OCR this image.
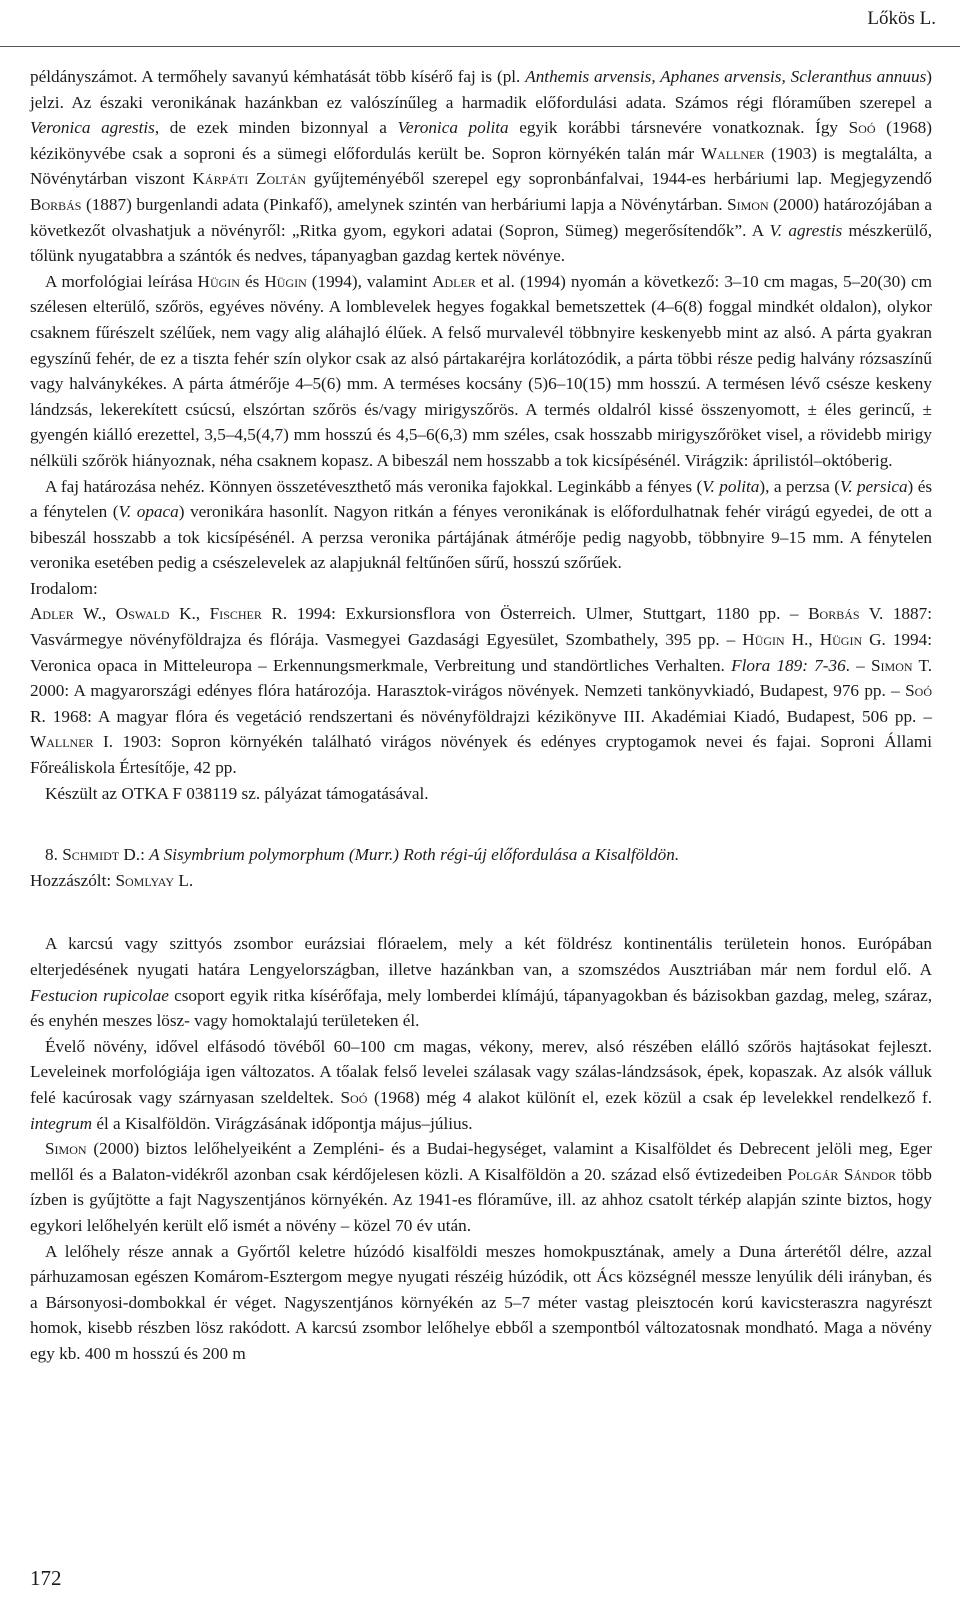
Lőkös L.

példányszámot. A termőhely savanyú kémhatását több kísérő faj is (pl. Anthemis arvensis, Aphanes arvensis, Scleranthus annuus) jelzi. Az északi veronikának hazánkban ez valószínűleg a harmadik előfordulási adata. Számos régi flóraműben szerepel a Veronica agrestis, de ezek minden bizonnyal a Veronica polita egyik korábbi társnevére vonatkoznak. Így Soó (1968) kézikönyvébe csak a soproni és a sümegi előfordulás került be. Sopron környékén talán már Wallner (1903) is megtalálta, a Növénytárban viszont Kárpáti Zoltán gyűjteményéből szerepel egy sopronbánfalvai, 1944-es herbáriumi lap. Megjegyzendő Borbás (1887) burgenlandi adata (Pinkafő), amelynek szintén van herbáriumi lapja a Növénytárban. Simon (2000) határozójában a következőt olvashatjuk a növényről: „Ritka gyom, egykori adatai (Sopron, Sümeg) megerősítendők”. A V. agrestis mészkerülő, tőlünk nyugatabbra a szántók és nedves, tápanyagban gazdag kertek növénye.

A morfológiai leírása Hügin és Hügin (1994), valamint Adler et al. (1994) nyomán a következő: 3–10 cm magas, 5–20(30) cm szélesen elterülő, szőrös, egyéves növény. A lomblevelek hegyes fogakkal bemetszettek (4–6(8) foggal mindkét oldalon), olykor csaknem fűrészelt szélűek, nem vagy alig aláhajló élűek. A felső murvalevél többnyire keskenyebb mint az alsó. A párta gyakran egyszínű fehér, de ez a tiszta fehér szín olykor csak az alsó pártakaréjra korlátozódik, a párta többi része pedig halvány rózsaszínű vagy halványkékes. A párta átmérője 4–5(6) mm. A terméses kocsány (5)6–10(15) mm hosszú. A termésen lévő csésze keskeny lándzsás, lekerekített csúcsú, elszórtan szőrös és/vagy mirigyszőrös. A termés oldalról kissé összenyomott, ± éles gerincű, ± gyengén kiálló erezettel, 3,5–4,5(4,7) mm hosszú és 4,5–6(6,3) mm széles, csak hosszabb mirigyszőröket visel, a rövidebb mirigy nélküli szőrök hiányoznak, néha csaknem kopasz. A bibeszál nem hosszabb a tok kicsípésénél. Virágzik: áprilistól–októberig.

A faj határozása nehéz. Könnyen összetéveszthető más veronika fajokkal. Leginkább a fényes (V. polita), a perzsa (V. persica) és a fénytelen (V. opaca) veronikára hasonlít. Nagyon ritkán a fényes veronikának is előfordulhatnak fehér virágú egyedei, de ott a bibeszál hosszabb a tok kicsípésénél. A perzsa veronika pártájának átmérője pedig nagyobb, többnyire 9–15 mm. A fénytelen veronika esetében pedig a csészelevelek az alapjuknál feltűnően sűrű, hosszú szőrűek.

Irodalom:

Adler W., Oswald K., Fischer R. 1994: Exkursionsflora von Österreich. Ulmer, Stuttgart, 1180 pp. – Borbás V. 1887: Vasvármegye növényföldrajza és flórája. Vasmegyei Gazdasági Egyesület, Szombathely, 395 pp. – Hügin H., Hügin G. 1994: Veronica opaca in Mitteleuropa – Erkennungsmerkmale, Verbreitung und standörtliches Verhalten. Flora 189: 7-36. – Simon T. 2000: A magyarországi edényes flóra határozója. Harasztok-virágos növények. Nemzeti tankönyvkiadó, Budapest, 976 pp. – Soó R. 1968: A magyar flóra és vegetáció rendszertani és növényföldrajzi kézikönyve III. Akadémiai Kiadó, Budapest, 506 pp. – Wallner I. 1903: Sopron környékén található virágos növények és edényes cryptogamok nevei és fajai. Soproni Állami Főreáliskola Értesítője, 42 pp.

Készült az OTKA F 038119 sz. pályázat támogatásával.

8. Schmidt D.: A Sisymbrium polymorphum (Murr.) Roth régi-új előfordulása a Kisalföldön.

Hozzászólt: Somlyay L.

A karcsú vagy szittyós zsombor eurázsiai flóraelem, mely a két földrész kontinentális területein honos. Európában elterjedésének nyugati határa Lengyelországban, illetve hazánkban van, a szomszédos Ausztriában már nem fordul elő. A Festucion rupicolae csoport egyik ritka kísérőfaja, mely lomberdei klímájú, tápanyagokban és bázisokban gazdag, meleg, száraz, és enyhén meszes lösz- vagy homoktalajú területeken él.

Évelő növény, idővel elfásodó tövéből 60–100 cm magas, vékony, merev, alsó részében elálló szőrös hajtásokat fejleszt. Leveleinek morfológiája igen változatos. A tőalak felső levelei szálasak vagy szálas-lándzsások, épek, kopaszak. Az alsók válluk felé kacúrosak vagy szárnyasan szeldeltek. Soó (1968) még 4 alakot különít el, ezek közül a csak ép levelekkel rendelkező f. integrum él a Kisalföldön. Virágzásának időpontja május–július.

Simon (2000) biztos lelőhelyeiként a Zempléni- és a Budai-hegységet, valamint a Kisalföldet és Debrecent jelöli meg, Eger mellől és a Balaton-vidékről azonban csak kérdőjelesen közli. A Kisalföldön a 20. század első évtizedeiben Polgár Sándor több ízben is gyűjtötte a fajt Nagyszentjános környékén. Az 1941-es flóraműve, ill. az ahhoz csatolt térkép alapján szinte biztos, hogy egykori lelőhelyén került elő ismét a növény – közel 70 év után.

A lelőhely része annak a Győrtől keletre húzódó kisalföldi meszes homokpusztának, amely a Duna árterétől délre, azzal párhuzamosan egészen Komárom-Esztergom megye nyugati részéig húzódik, ott Ács községnél messze lenyúlik déli irányban, és a Bársonyosi-dombokkal ér véget. Nagyszentjános környékén az 5–7 méter vastag pleisztocén korú kavicsteraszra nagyrészt homok, kisebb részben lösz rakódott. A karcsú zsombor lelőhelye ebből a szempontból változatosnak mondható. Maga a növény egy kb. 400 m hosszú és 200 m

172
